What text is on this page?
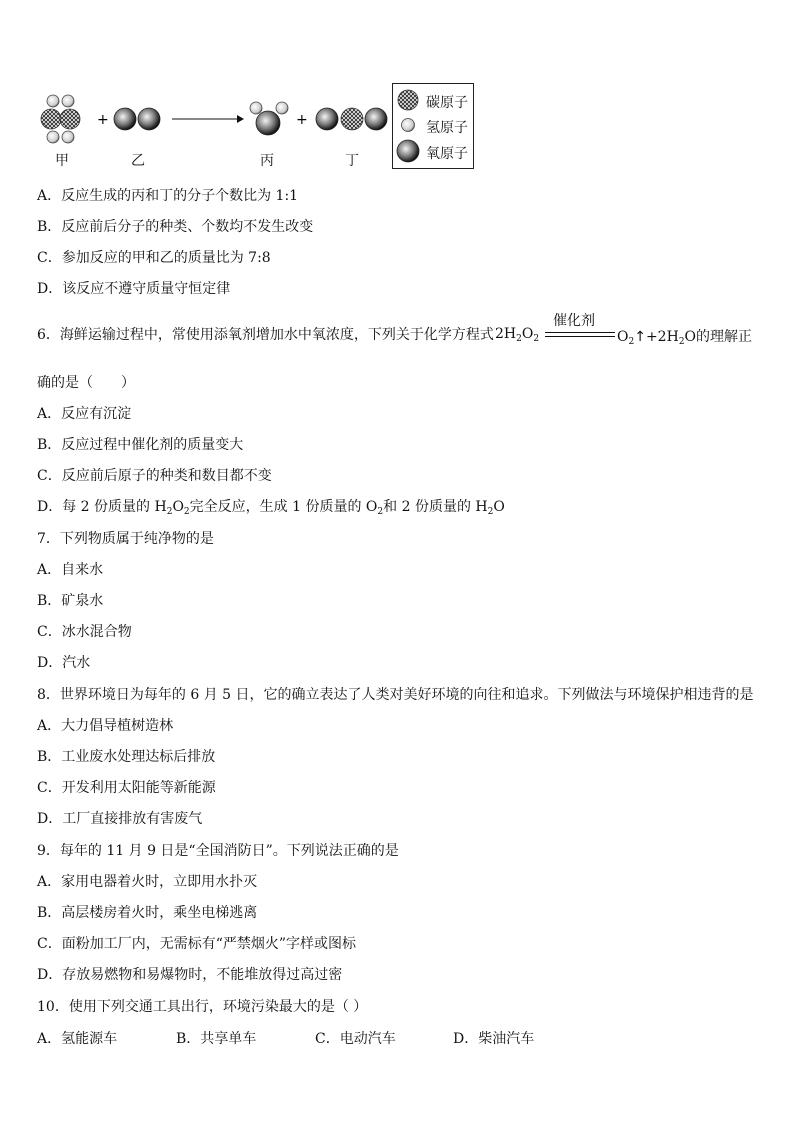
+	+
甲	乙	丙	丁
碳原子
氢原子
氧原子
A．反应生成的丙和丁的分子个数比为 1:1
B．反应前后分子的种类、个数均不发生改变
C．参加反应的甲和乙的质量比为 7:8
D．该反应不遵守质量守恒定律
6．海鲜运输过程中，常使用添氧剂增加水中氧浓度，下列关于化学方程式 $2H_2O_2$
催化剂
$O_2↑+2H_2O$的理解正
确的是（　　）
A．反应有沉淀
B．反应过程中催化剂的质量变大
C．反应前后原子的种类和数目都不变
D．每 2 份质量的 $H_2O_2$完全反应，生成 1 份质量的 $O_2$和 2 份质量的 $H_2O$
7．下列物质属于纯净物的是
A．自来水
B．矿泉水
C．冰水混合物
D．汽水
8．世界环境日为每年的 6 月 5 日，它的确立表达了人类对美好环境的向往和追求。下列做法与环境保护相违背的是
A．大力倡导植树造林
B．工业废水处理达标后排放
C．开发利用太阳能等新能源
D．工厂直接排放有害废气
9．每年的 11 月 9 日是“全国消防日”。下列说法正确的是
A．家用电器着火时，立即用水扑灭
B．高层楼房着火时，乘坐电梯逃离
C．面粉加工厂内，无需标有“严禁烟火”字样或图标
D．存放易燃物和易爆物时，不能堆放得过高过密
10．使用下列交通工具出行，环境污染最大的是（ ）
A．氢能源车	B．共享单车	C．电动汽车	D．柴油汽车
